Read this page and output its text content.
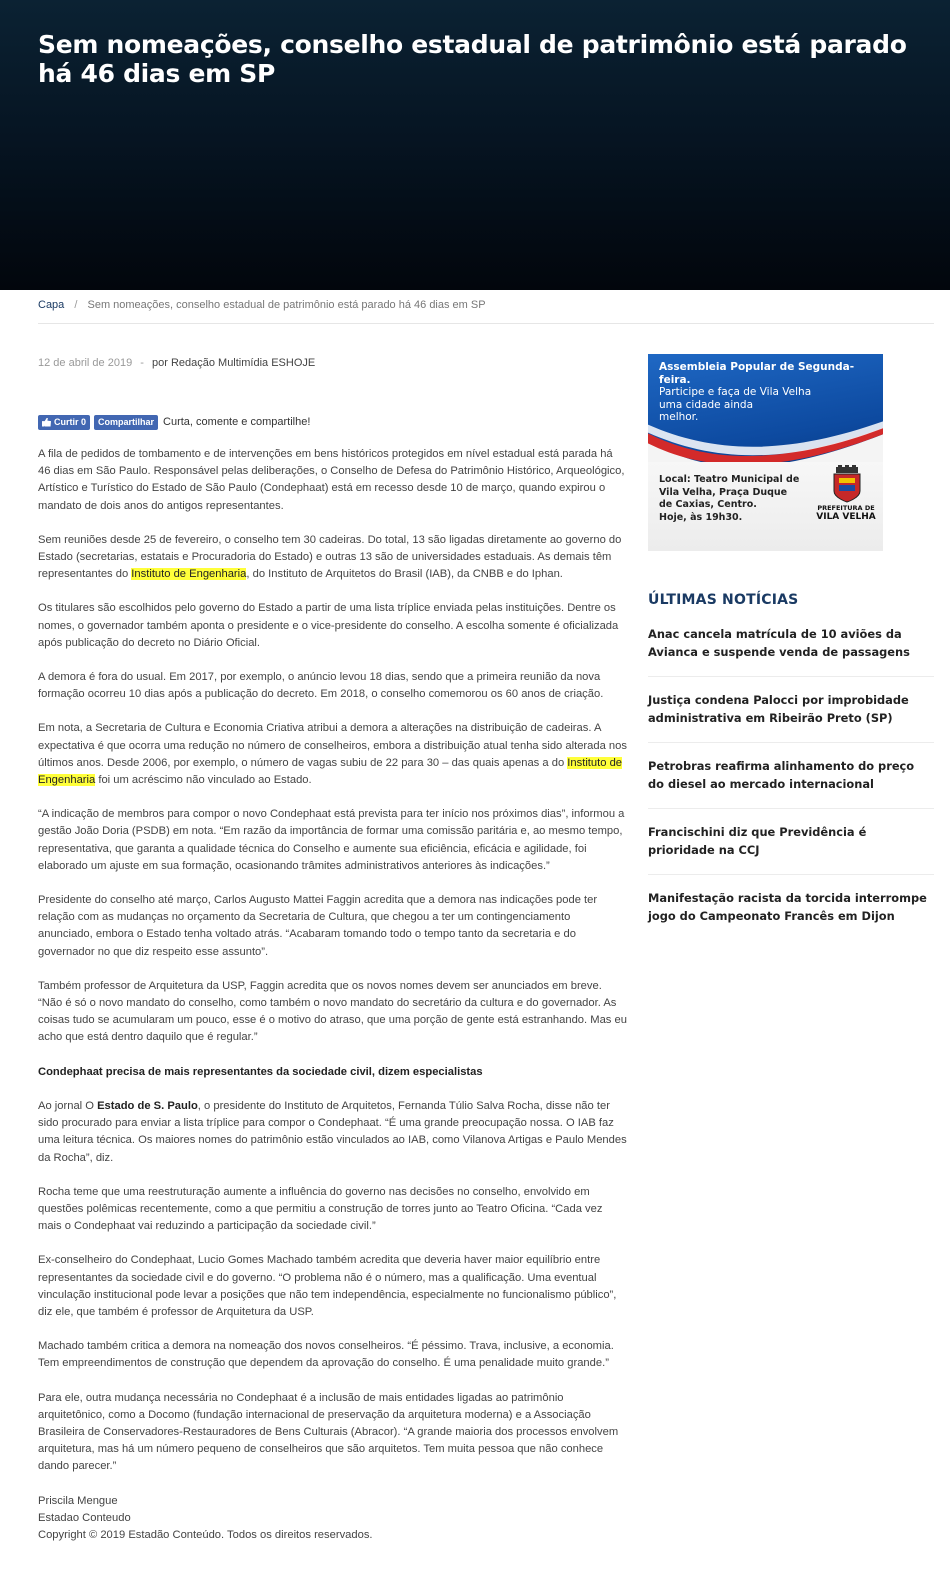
Sem nomeações, conselho estadual de patrimônio está parado há 46 dias em SP
Capa / Sem nomeações, conselho estadual de patrimônio está parado há 46 dias em SP
12 de abril de 2019 - por Redação Multimídia ESHOJE
Curtir 0	Compartilhar Curta, comente e compartilhe!

A fila de pedidos de tombamento e de intervenções em bens históricos protegidos em nível estadual está parada há 46 dias em São Paulo. Responsável pelas deliberações, o Conselho de Defesa do Patrimônio Histórico, Arqueológico, Artístico e Turístico do Estado de São Paulo (Condephaat) está em recesso desde 10 de março, quando expirou o mandato de dois anos do antigos representantes.

Sem reuniões desde 25 de fevereiro, o conselho tem 30 cadeiras. Do total, 13 são ligadas diretamente ao governo do Estado (secretarias, estatais e Procuradoria do Estado) e outras 13 são de universidades estaduais. As demais têm representantes do Instituto de Engenharia, do Instituto de Arquitetos do Brasil (IAB), da CNBB e do Iphan.

Os titulares são escolhidos pelo governo do Estado a partir de uma lista tríplice enviada pelas instituições. Dentre os nomes, o governador também aponta o presidente e o vice-presidente do conselho. A escolha somente é oficializada após publicação do decreto no Diário Oficial.

A demora é fora do usual. Em 2017, por exemplo, o anúncio levou 18 dias, sendo que a primeira reunião da nova formação ocorreu 10 dias após a publicação do decreto. Em 2018, o conselho comemorou os 60 anos de criação.

Em nota, a Secretaria de Cultura e Economia Criativa atribui a demora a alterações na distribuição de cadeiras. A expectativa é que ocorra uma redução no número de conselheiros, embora a distribuição atual tenha sido alterada nos últimos anos. Desde 2006, por exemplo, o número de vagas subiu de 22 para 30 – das quais apenas a do Instituto de Engenharia foi um acréscimo não vinculado ao Estado.

“A indicação de membros para compor o novo Condephaat está prevista para ter início nos próximos dias”, informou a gestão João Doria (PSDB) em nota. “Em razão da importância de formar uma comissão paritária e, ao mesmo tempo, representativa, que garanta a qualidade técnica do Conselho e aumente sua eficiência, eficácia e agilidade, foi elaborado um ajuste em sua formação, ocasionando trâmites administrativos anteriores às indicações.”

Presidente do conselho até março, Carlos Augusto Mattei Faggin acredita que a demora nas indicações pode ter relação com as mudanças no orçamento da Secretaria de Cultura, que chegou a ter um contingenciamento anunciado, embora o Estado tenha voltado atrás. “Acabaram tomando todo o tempo tanto da secretaria e do governador no que diz respeito esse assunto”.

Também professor de Arquitetura da USP, Faggin acredita que os novos nomes devem ser anunciados em breve. “Não é só o novo mandato do conselho, como também o novo mandato do secretário da cultura e do governador. As coisas tudo se acumularam um pouco, esse é o motivo do atraso, que uma porção de gente está estranhando. Mas eu acho que está dentro daquilo que é regular.”

Condephaat precisa de mais representantes da sociedade civil, dizem especialistas

Ao jornal O Estado de S. Paulo, o presidente do Instituto de Arquitetos, Fernanda Túlio Salva Rocha, disse não ter sido procurado para enviar a lista tríplice para compor o Condephaat. “É uma grande preocupação nossa. O IAB faz uma leitura técnica. Os maiores nomes do patrimônio estão vinculados ao IAB, como Vilanova Artigas e Paulo Mendes da Rocha”, diz.

Rocha teme que uma reestruturação aumente a influência do governo nas decisões no conselho, envolvido em questões polêmicas recentemente, como a que permitiu a construção de torres junto ao Teatro Oficina. “Cada vez mais o Condephaat vai reduzindo a participação da sociedade civil.”

Ex-conselheiro do Condephaat, Lucio Gomes Machado também acredita que deveria haver maior equilíbrio entre representantes da sociedade civil e do governo. “O problema não é o número, mas a qualificação. Uma eventual vinculação institucional pode levar a posições que não tem independência, especialmente no funcionalismo público”, diz ele, que também é professor de Arquitetura da USP.

Machado também critica a demora na nomeação dos novos conselheiros. “É péssimo. Trava, inclusive, a economia. Tem empreendimentos de construção que dependem da aprovação do conselho. É uma penalidade muito grande.”

Para ele, outra mudança necessária no Condephaat é a inclusão de mais entidades ligadas ao patrimônio arquitetônico, como a Docomo (fundação internacional de preservação da arquitetura moderna) e a Associação Brasileira de Conservadores-Restauradores de Bens Culturais (Abracor). “A grande maioria dos processos envolvem arquitetura, mas há um número pequeno de conselheiros que são arquitetos. Tem muita pessoa que não conhece dando parecer.”

Priscila Mengue
Estadao Conteudo
Copyright © 2019 Estadão Conteúdo. Todos os direitos reservados.
Assembleia Popular de Segunda-feira.
Participe e faça de Vila Velha
uma cidade ainda
melhor.
Local: Teatro Municipal de
Vila Velha, Praça Duque
de Caxias, Centro.
Hoje, às 19h30.
PREFEITURA DE
VILA VELHA
ÚLTIMAS NOTÍCIAS
Anac cancela matrícula de 10 aviões da Avianca e suspende venda de passagens
Justiça condena Palocci por improbidade administrativa em Ribeirão Preto (SP)
Petrobras reafirma alinhamento do preço do diesel ao mercado internacional
Francischini diz que Previdência é prioridade na CCJ
Manifestação racista da torcida interrompe jogo do Campeonato Francês em Dijon
